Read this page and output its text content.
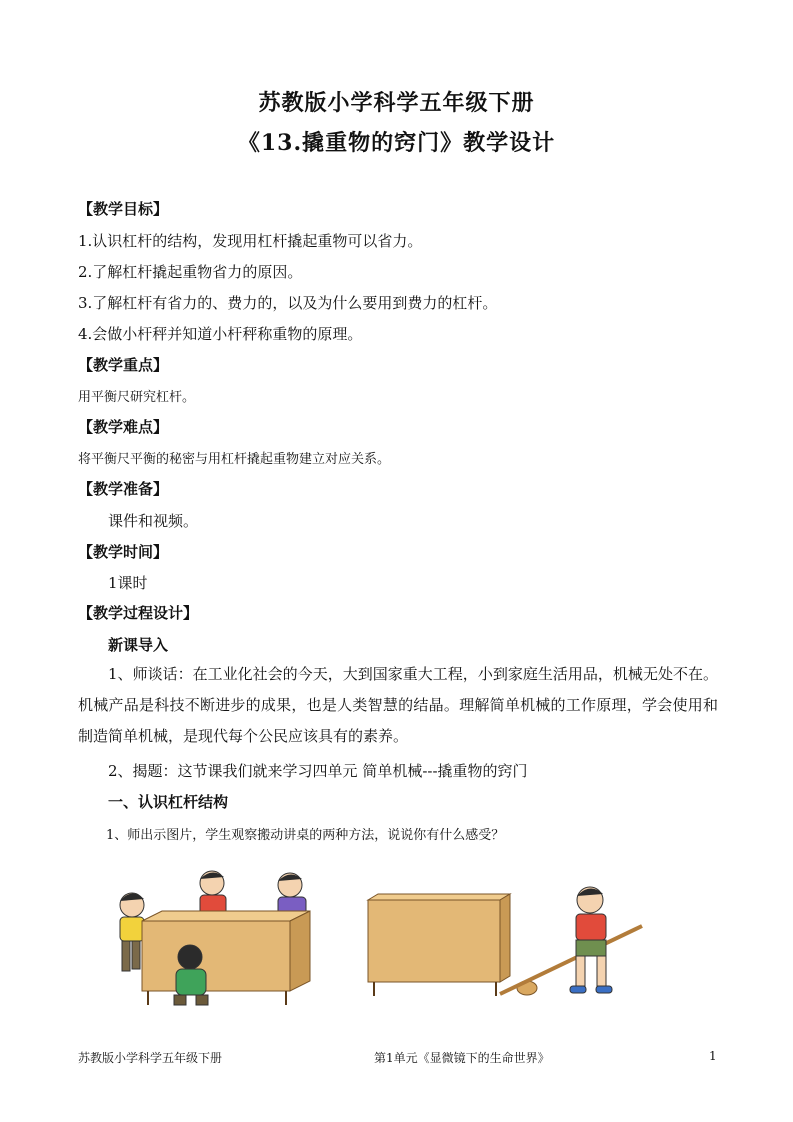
苏教版小学科学五年级下册
《13.撬重物的窍门》教学设计
【教学目标】
1.认识杠杆的结构，发现用杠杆撬起重物可以省力。
2.了解杠杆撬起重物省力的原因。
3.了解杠杆有省力的、费力的，以及为什么要用到费力的杠杆。
4.会做小杆秤并知道小杆秤称重物的原理。
【教学重点】
用平衡尺研究杠杆。
【教学难点】
将平衡尺平衡的秘密与用杠杆撬起重物建立对应关系。
【教学准备】
课件和视频。
【教学时间】
1课时
【教学过程设计】
新课导入
1、师谈话：在工业化社会的今天，大到国家重大工程，小到家庭生活用品，机械无处不在。机械产品是科技不断进步的成果，也是人类智慧的结晶。理解简单机械的工作原理，学会使用和制造简单机械，是现代每个公民应该具有的素养。
2、揭题：这节课我们就来学习四单元 简单机械---撬重物的窍门
一、认识杠杆结构
1、师出示图片，学生观察搬动讲桌的两种方法，说说你有什么感受？
苏教版小学科学五年级下册	第1单元《显微镜下的生命世界》	1
